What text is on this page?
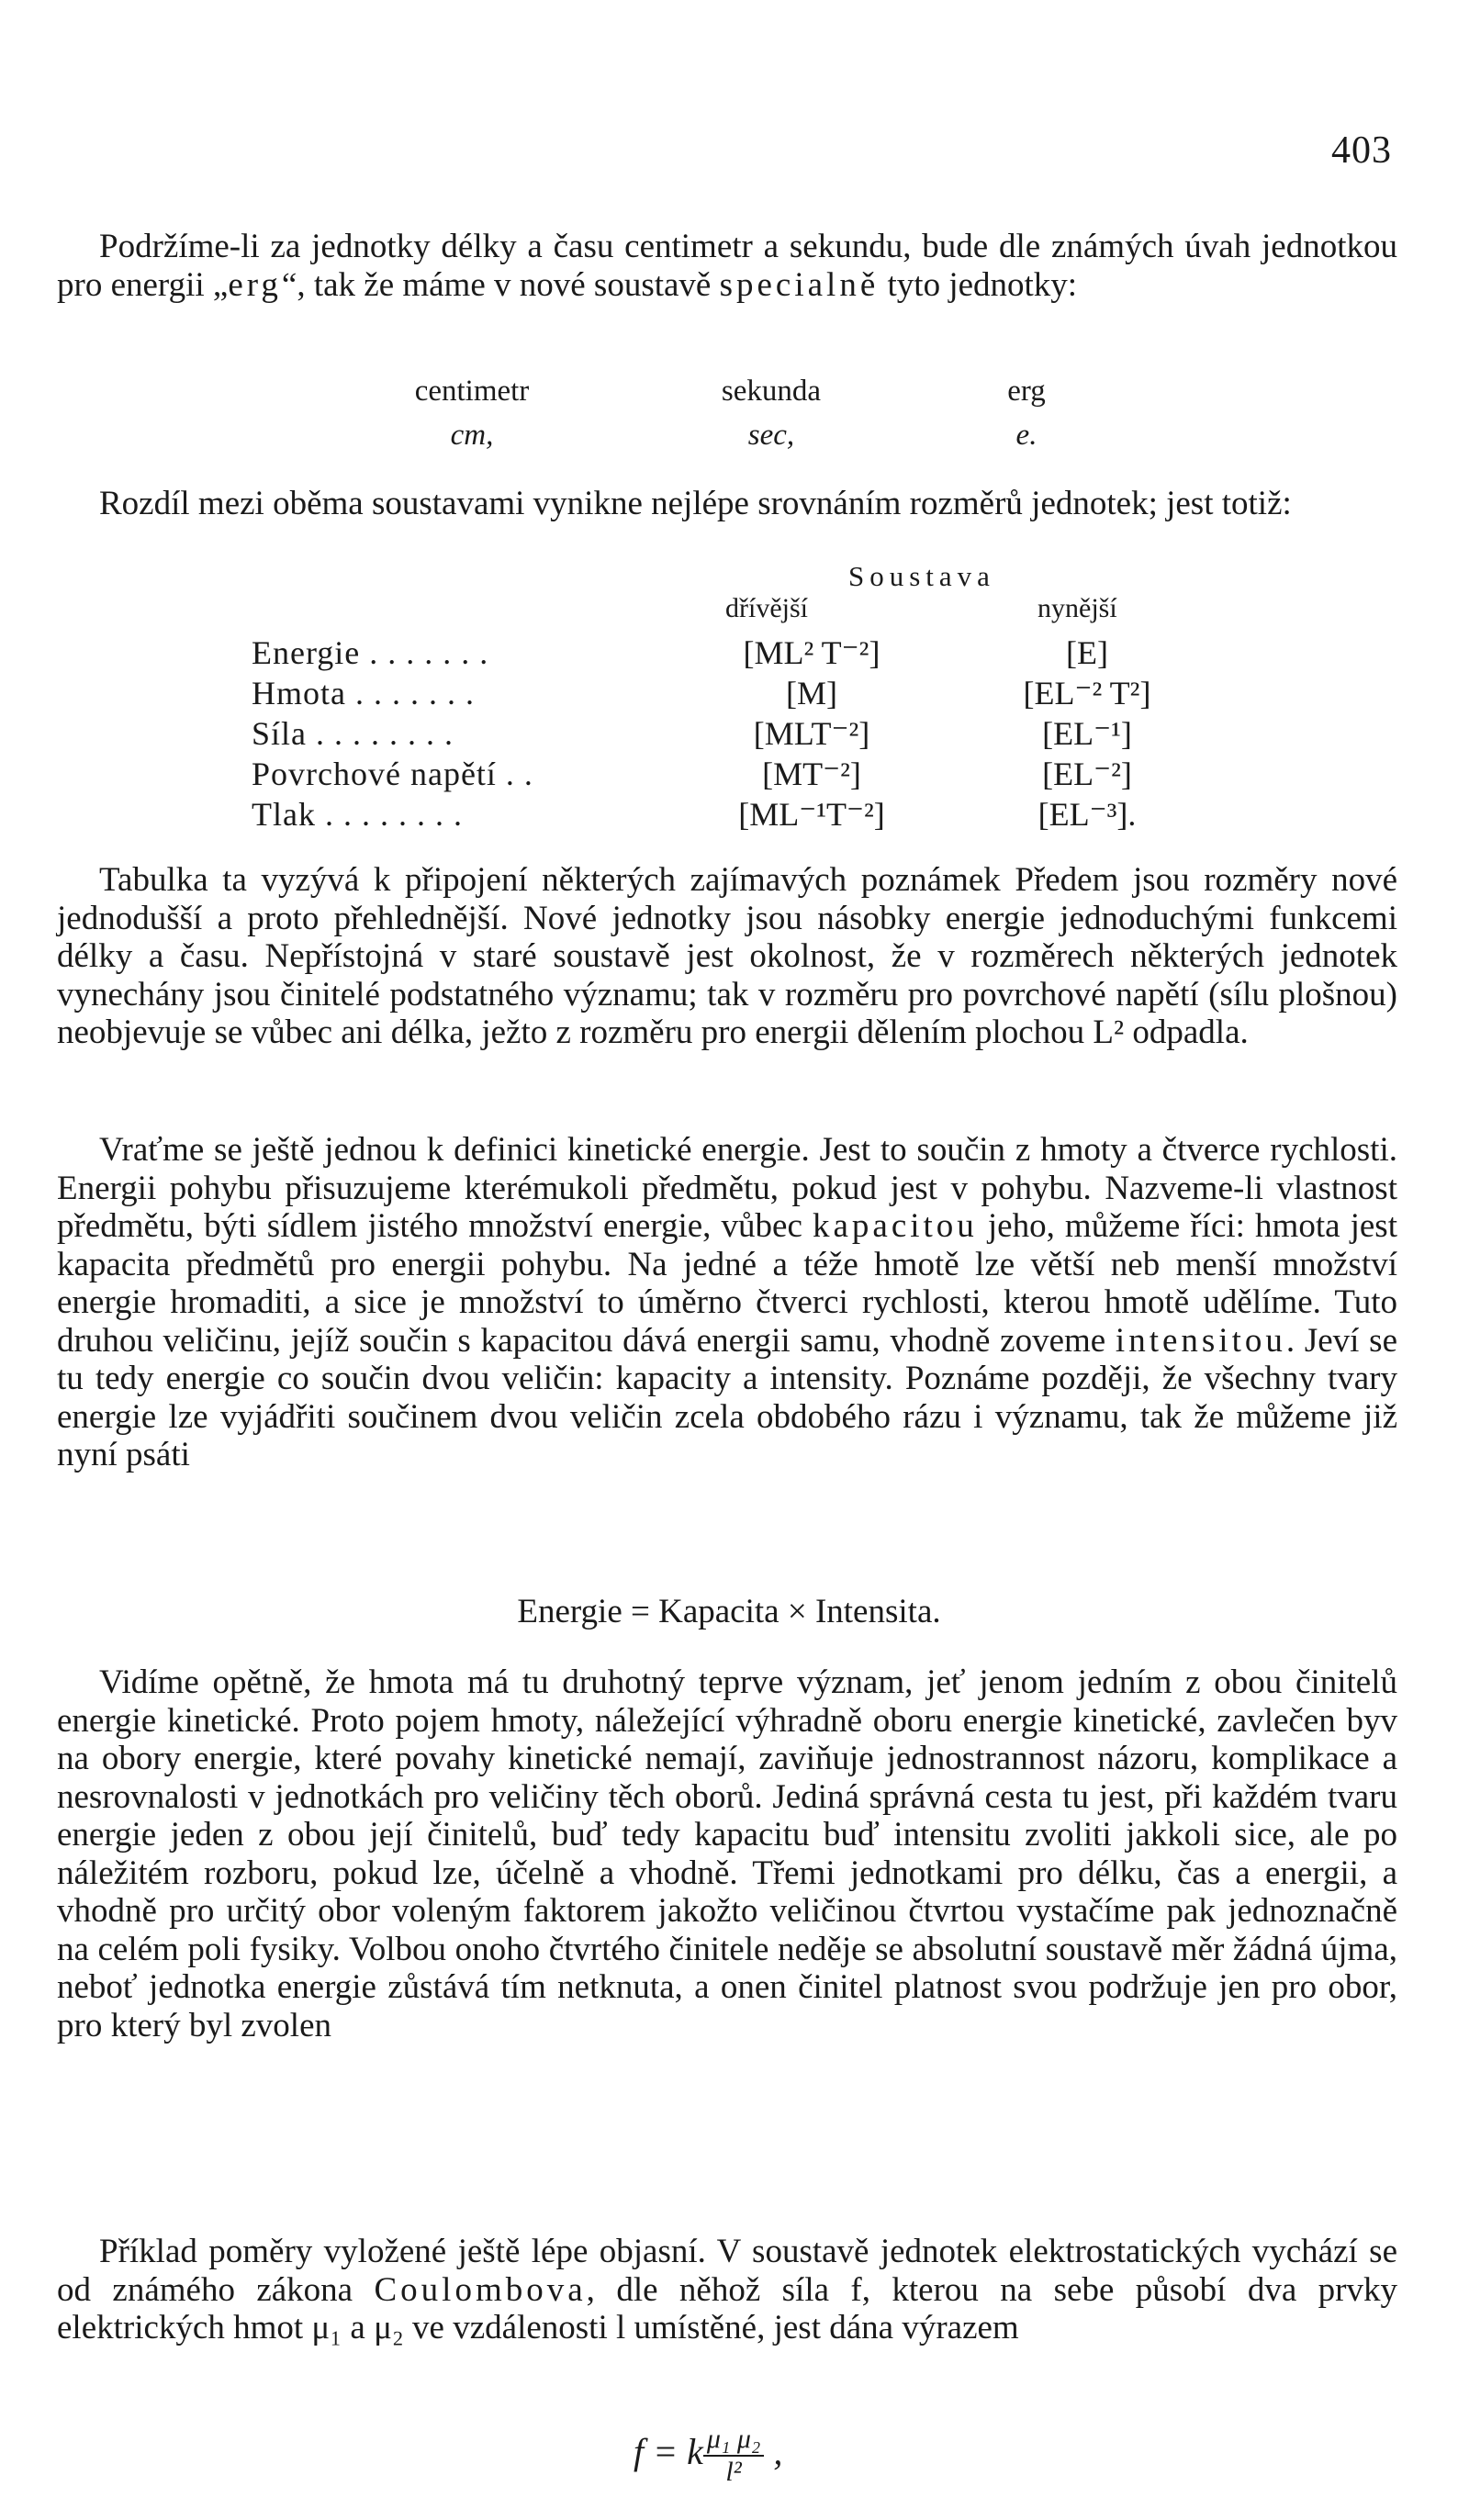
403

Podržíme-li za jednotky délky a času centimetr a sekundu, bude dle známých úvah jednotkou pro energii „erg“, tak že máme v nové soustavě specialně tyto jednotky:

centimetr	sekunda	erg
cm,	sec,	e.

Rozdíl mezi oběma soustavami vynikne nejlépe srovnáním rozměrů jednotek; jest totiž:

Soustava
dřívější	nynější
Energie . . . . . . .	[ML² T⁻²]	[E]
Hmota . . . . . . .	[M]	[EL⁻² T²]
Síla . . . . . . . .	[MLT⁻²]	[EL⁻¹]
Povrchové napětí . .	[MT⁻²]	[EL⁻²]
Tlak . . . . . . . .	[ML⁻¹T⁻²]	[EL⁻³].

Tabulka ta vyzývá k připojení některých zajímavých poznámek Předem jsou rozměry nové jednodušší a proto přehlednější. Nové jednotky jsou násobky energie jednoduchými funkcemi délky a času. Nepřístojná v staré soustavě jest okolnost, že v rozměrech některých jednotek vynechány jsou činitelé podstatného významu; tak v rozměru pro povrchové napětí (sílu plošnou) neobjevuje se vůbec ani délka, ježto z rozměru pro energii dělením plochou L² odpadla.

Vraťme se ještě jednou k definici kinetické energie. Jest to součin z hmoty a čtverce rychlosti. Energii pohybu přisuzujeme kterémukoli předmětu, pokud jest v pohybu. Nazveme-li vlastnost předmětu, býti sídlem jistého množství energie, vůbec kapacitou jeho, můžeme říci: hmota jest kapacita předmětů pro energii pohybu. Na jedné a téže hmotě lze větší neb menší množství energie hromaditi, a sice je množství to úměrno čtverci rychlosti, kterou hmotě udělíme. Tuto druhou veličinu, jejíž součin s kapacitou dává energii samu, vhodně zoveme intensitou. Jeví se tu tedy energie co součin dvou veličin: kapacity a intensity. Poznáme později, že všechny tvary energie lze vyjádřiti součinem dvou veličin zcela obdobého rázu i významu, tak že můžeme již nyní psáti

Energie = Kapacita × Intensita.

Vidíme opětně, že hmota má tu druhotný teprve význam, jeť jenom jedním z obou činitelů energie kinetické. Proto pojem hmoty, náležející výhradně oboru energie kinetické, zavlečen byv na obory energie, které povahy kinetické nemají, zaviňuje jednostrannost názoru, komplikace a nesrovnalosti v jednotkách pro veličiny těch oborů. Jediná správná cesta tu jest, při každém tvaru energie jeden z obou její činitelů, buď tedy kapacitu buď intensitu zvoliti jakkoli sice, ale po náležitém rozboru, pokud lze, účelně a vhodně. Třemi jednotkami pro délku, čas a energii, a vhodně pro určitý obor voleným faktorem jakožto veličinou čtvrtou vystačíme pak jednoznačně na celém poli fysiky. Volbou onoho čtvrtého činitele neděje se absolutní soustavě měr žádná újma, neboť jednotka energie zůstává tím netknuta, a onen činitel platnost svou podržuje jen pro obor, pro který byl zvolen

Příklad poměry vyložené ještě lépe objasní. V soustavě jednotek elektrostatických vychází se od známého zákona Coulombova, dle něhož síla f, kterou na sebe působí dva prvky elektrických hmot μ₁ a μ₂ ve vzdálenosti l umístěné, jest dána výrazem

f = k $\frac{\text{μ₁ μ₂}}{\text{l²}}$ ,
